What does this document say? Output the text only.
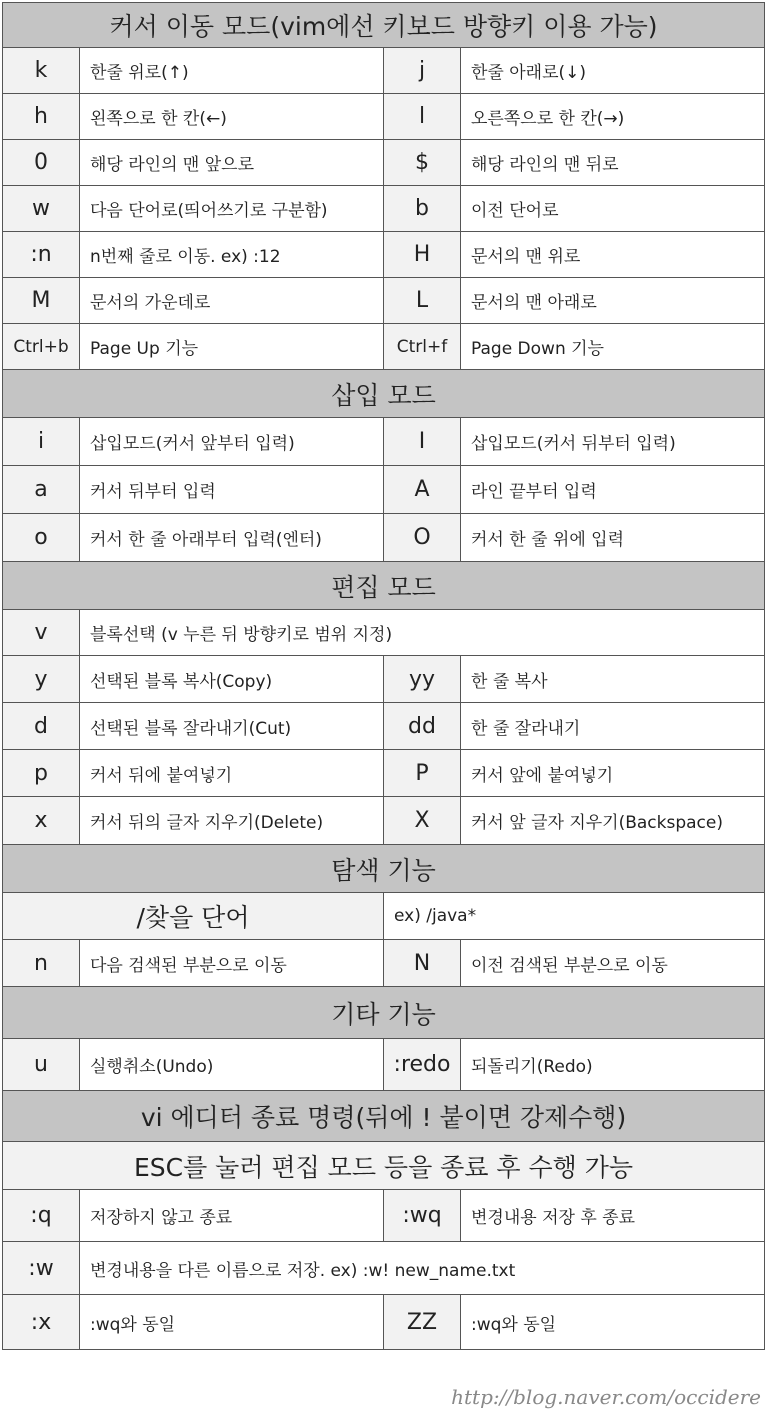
커서 이동 모드(vim에선 키보드 방향키 이용 가능)			
k	한줄 위로(↑)	j	한줄 아래로(↓)
h	왼쪽으로 한 칸(←)	l	오른쪽으로 한 칸(→)
0	해당 라인의 맨 앞으로	$	해당 라인의 맨 뒤로
w	다음 단어로(띄어쓰기로 구분함)	b	이전 단어로
:n	n번째 줄로 이동. ex) :12	H	문서의 맨 위로
M	문서의 가운데로	L	문서의 맨 아래로
Ctrl+b	Page Up 기능	Ctrl+f	Page Down 기능
삽입 모드			
i	삽입모드(커서 앞부터 입력)	I	삽입모드(커서 뒤부터 입력)
a	커서 뒤부터 입력	A	라인 끝부터 입력
o	커서 한 줄 아래부터 입력(엔터)	O	커서 한 줄 위에 입력
편집 모드			
v	블록선택 (v 누른 뒤 방향키로 범위 지정)		
y	선택된 블록 복사(Copy)	yy	한 줄 복사
d	선택된 블록 잘라내기(Cut)	dd	한 줄 잘라내기
p	커서 뒤에 붙여넣기	P	커서 앞에 붙여넣기
x	커서 뒤의 글자 지우기(Delete)	X	커서 앞 글자 지우기(Backspace)
탐색 기능			
/찾을 단어		ex) /java*	
n	다음 검색된 부분으로 이동	N	이전 검색된 부분으로 이동
기타 기능			
u	실행취소(Undo)	:redo	되돌리기(Redo)
vi 에디터 종료 명령(뒤에 ! 붙이면 강제수행)			
ESC를 눌러 편집 모드 등을 종료 후 수행 가능			
:q	저장하지 않고 종료	:wq	변경내용 저장 후 종료
:w	변경내용을 다른 이름으로 저장. ex) :w! new_name.txt		
:x	:wq와 동일	ZZ	:wq와 동일
http://blog.naver.com/occidere
